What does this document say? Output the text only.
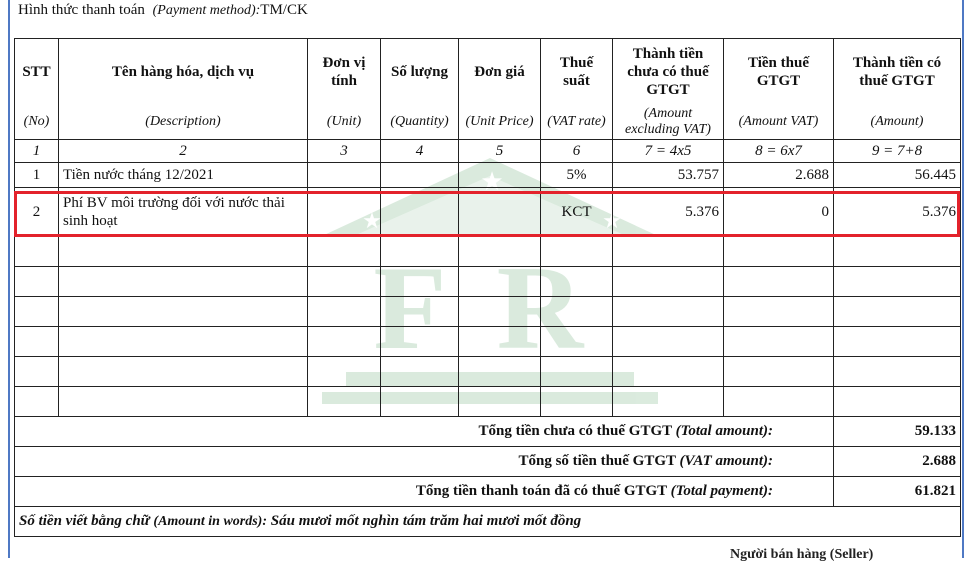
Hình thức thanh toán (Payment method):TM/CK
F R
★
★	★
STT	Tên hàng hóa, dịch vụ	Đơn vị tính	Số lượng	Đơn giá	Thuế suất	Thành tiền chưa có thuế GTGT	Tiền thuế GTGT	Thành tiền có thuế GTGT
(No)	(Description)	(Unit)	(Quantity)	(Unit Price)	(VAT rate)	(Amount excluding VAT)	(Amount VAT)	(Amount)
1	2	3	4	5	6	7 = 4x5	8 = 6x7	9 = 7+8
1	Tiền nước tháng 12/2021				5%	53.757	2.688	56.445
2	Phí BV môi trường đối với nước thải sinh hoạt				KCT	5.376	0	5.376

Tổng tiền chưa có thuế GTGT (Total amount):								59.133
Tổng số tiền thuế GTGT (VAT amount):								2.688
Tổng tiền thanh toán đã có thuế GTGT (Total payment):								61.821
Số tiền viết bằng chữ (Amount in words): Sáu mươi mốt nghìn tám trăm hai mươi mốt đồng								
Người bán hàng (Seller)
